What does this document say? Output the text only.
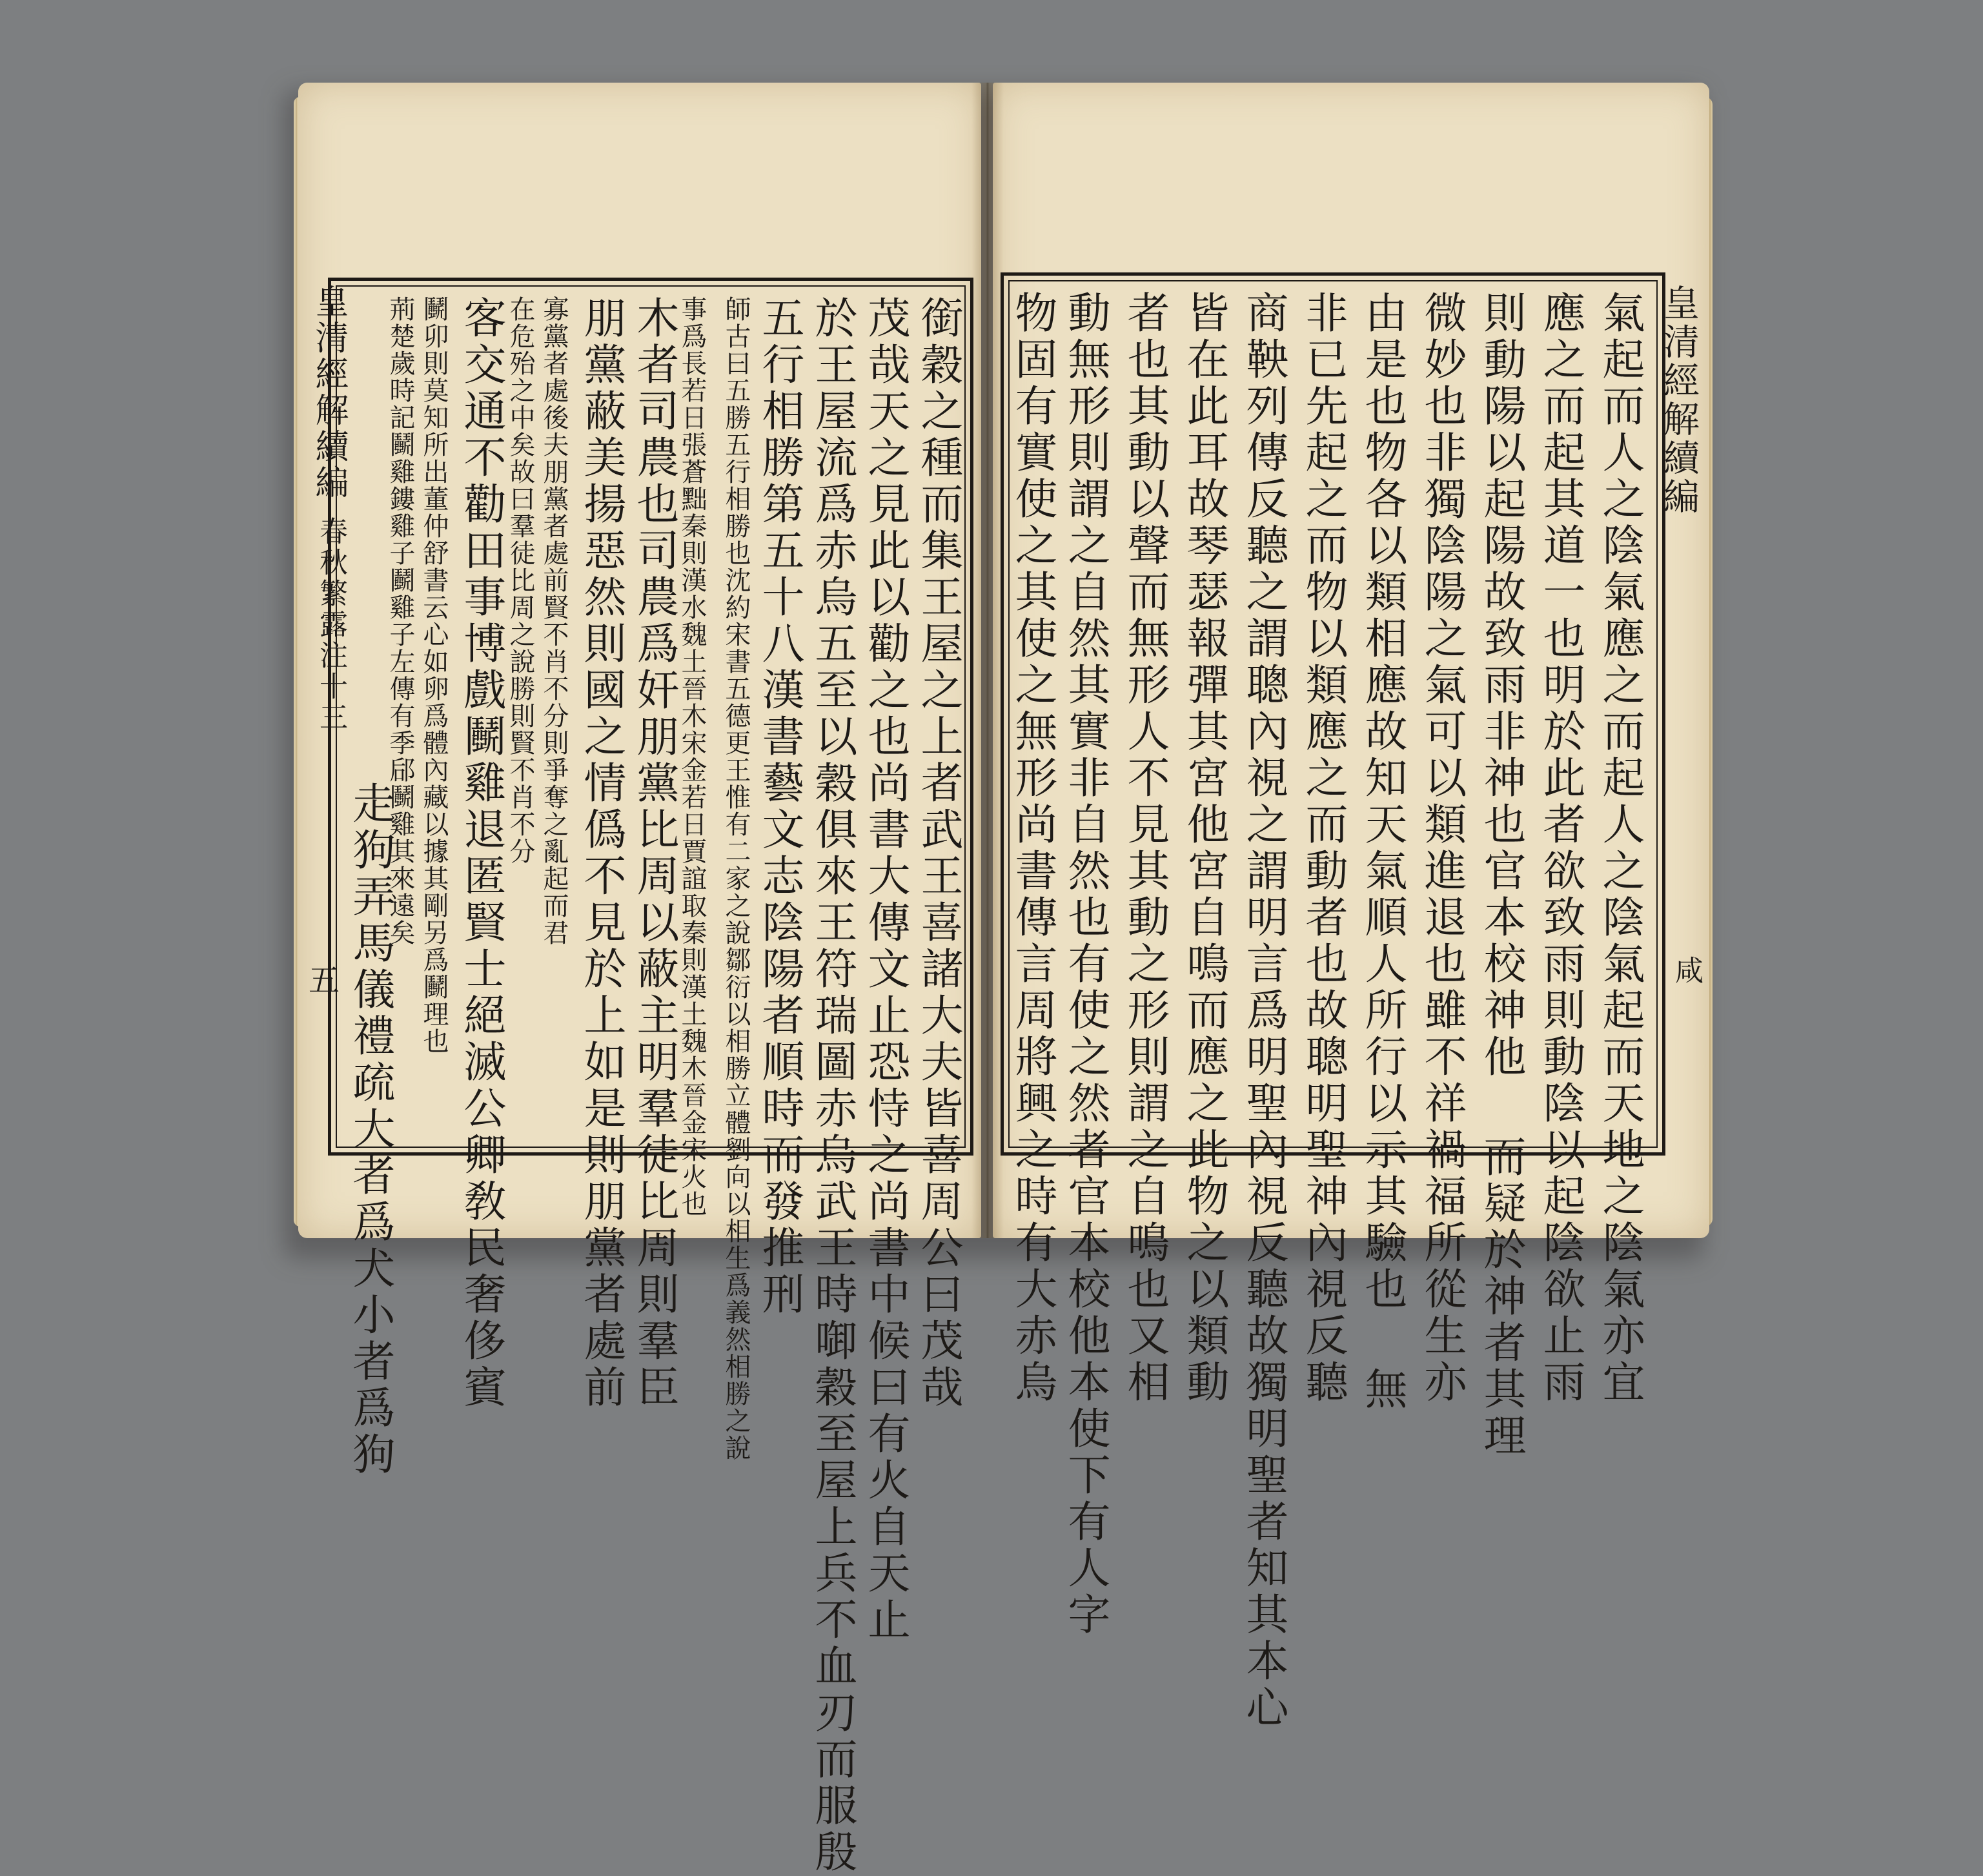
皇清經解續編
咸
氣起而人之陰氣應之而起人之陰氣起而天地之陰氣亦宜
應之而起其道一也明於此者欲致雨則動陰以起陰欲止雨
則動陽以起陽故致雨非神也官本校神他 而疑於神者其理
微妙也非獨陰陽之氣可以類進退也雖不祥禍福所從生亦
由是也物各以類相應故知天氣順人所行以示其驗也 無
非已先起之而物以類應之而動者也故聰明聖神內視反聽
商鞅列傳反聽之謂聰內視之謂明言爲明聖內視反聽故獨明聖者知其本心
皆在此耳故琴瑟報彈其宮他宮自鳴而應之此物之以類動
者也其動以聲而無形人不見其動之形則謂之自鳴也又相
動無形則謂之自然其實非自然也有使之然者官本校他本使下有人字
物固有實使之其使之無形尚書傳言周將興之時有大赤烏
銜穀之種而集王屋之上者武王喜諸大夫皆喜周公曰茂哉
茂哉天之見此以勸之也尚書大傳文止恐恃之尚書中候曰有火自天止
於王屋流爲赤烏五至以穀俱來王符瑞圖赤烏武王時啣穀至屋上兵不血刃而服殷
五行相勝第五十八漢書藝文志陰陽者順時而發推刑
師古曰五勝五行相勝也沈約宋書五德更王惟有二家之說鄒衍以相勝立體劉向以相生爲義然相勝之說
事爲長若日張蒼黜秦則漢水魏土晉木宋金若日賈誼取秦則漢土魏木晉金宋火也
木者司農也司農爲奸朋黨比周以蔽主明羣徒比周則羣臣
朋黨蔽美揚惡然則國之情僞不見於上如是則朋黨者處前
寡黨者處後夫朋黨者處前賢不肖不分則爭奪之亂起而君
在危殆之中矣故曰羣徒比周之說勝則賢不肖不分
客交通不勸田事博戲鬭雞退匿賢士絕滅公卿敎民奢侈賓
鬭卯則莫知所出董仲舒書云心如卵爲體內藏以據其剛另爲鬭理也
荊楚歲時記鬭雞鏤雞子鬬雞子左傳有季郈鬭雞其來遠矣
走狗弄馬儀禮疏大者爲犬小者爲狗
皇清經解續編
春秋繁露注十三
五
